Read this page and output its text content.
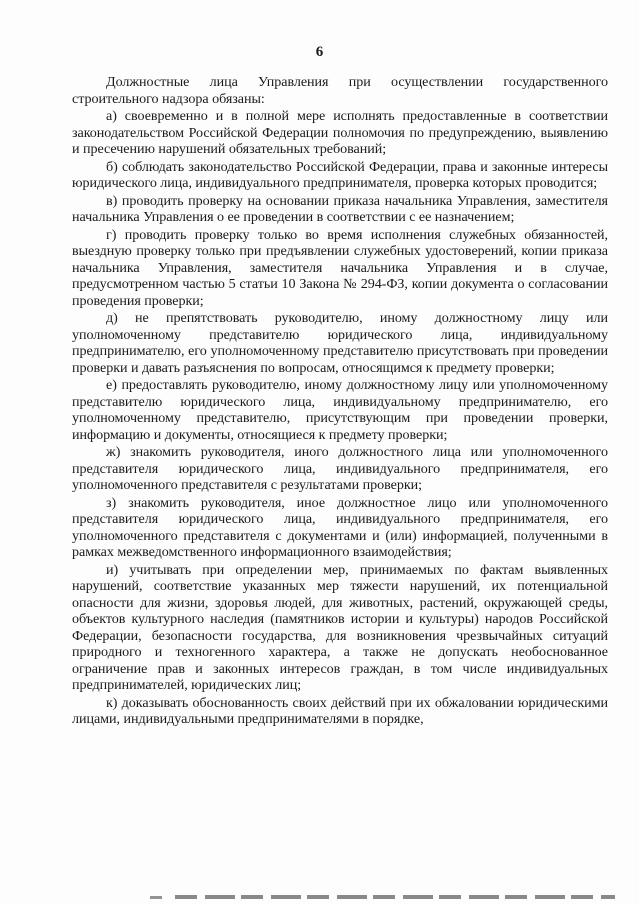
6

Должностные лица Управления при осуществлении государственного строительного надзора обязаны:

а) своевременно и в полной мере исполнять предоставленные в соответствии законодательством Российской Федерации полномочия по предупреждению, выявлению и пресечению нарушений обязательных требований;

б) соблюдать законодательство Российской Федерации, права и законные интересы юридического лица, индивидуального предпринимателя, проверка которых проводится;

в) проводить проверку на основании приказа начальника Управления, заместителя начальника Управления о ее проведении в соответствии с ее назначением;

г) проводить проверку только во время исполнения служебных обязанностей, выездную проверку только при предъявлении служебных удостоверений, копии приказа начальника Управления, заместителя начальника Управления и в случае, предусмотренном частью 5 статьи 10 Закона № 294-ФЗ, копии документа о согласовании проведения проверки;

д) не препятствовать руководителю, иному должностному лицу или уполномоченному представителю юридического лица, индивидуальному предпринимателю, его уполномоченному представителю присутствовать при проведении проверки и давать разъяснения по вопросам, относящимся к предмету проверки;

е) предоставлять руководителю, иному должностному лицу или уполномоченному представителю юридического лица, индивидуальному предпринимателю, его уполномоченному представителю, присутствующим при проведении проверки, информацию и документы, относящиеся к предмету проверки;

ж) знакомить руководителя, иного должностного лица или уполномоченного представителя юридического лица, индивидуального предпринимателя, его уполномоченного представителя с результатами проверки;

з) знакомить руководителя, иное должностное лицо или уполномоченного представителя юридического лица, индивидуального предпринимателя, его уполномоченного представителя с документами и (или) информацией, полученными в рамках межведомственного информационного взаимодействия;

и) учитывать при определении мер, принимаемых по фактам выявленных нарушений, соответствие указанных мер тяжести нарушений, их потенциальной опасности для жизни, здоровья людей, для животных, растений, окружающей среды, объектов культурного наследия (памятников истории и культуры) народов Российской Федерации, безопасности государства, для возникновения чрезвычайных ситуаций природного и техногенного характера, а также не допускать необоснованное ограничение прав и законных интересов граждан, в том числе индивидуальных предпринимателей, юридических лиц;

к) доказывать обоснованность своих действий при их обжаловании юридическими лицами, индивидуальными предпринимателями в порядке,
